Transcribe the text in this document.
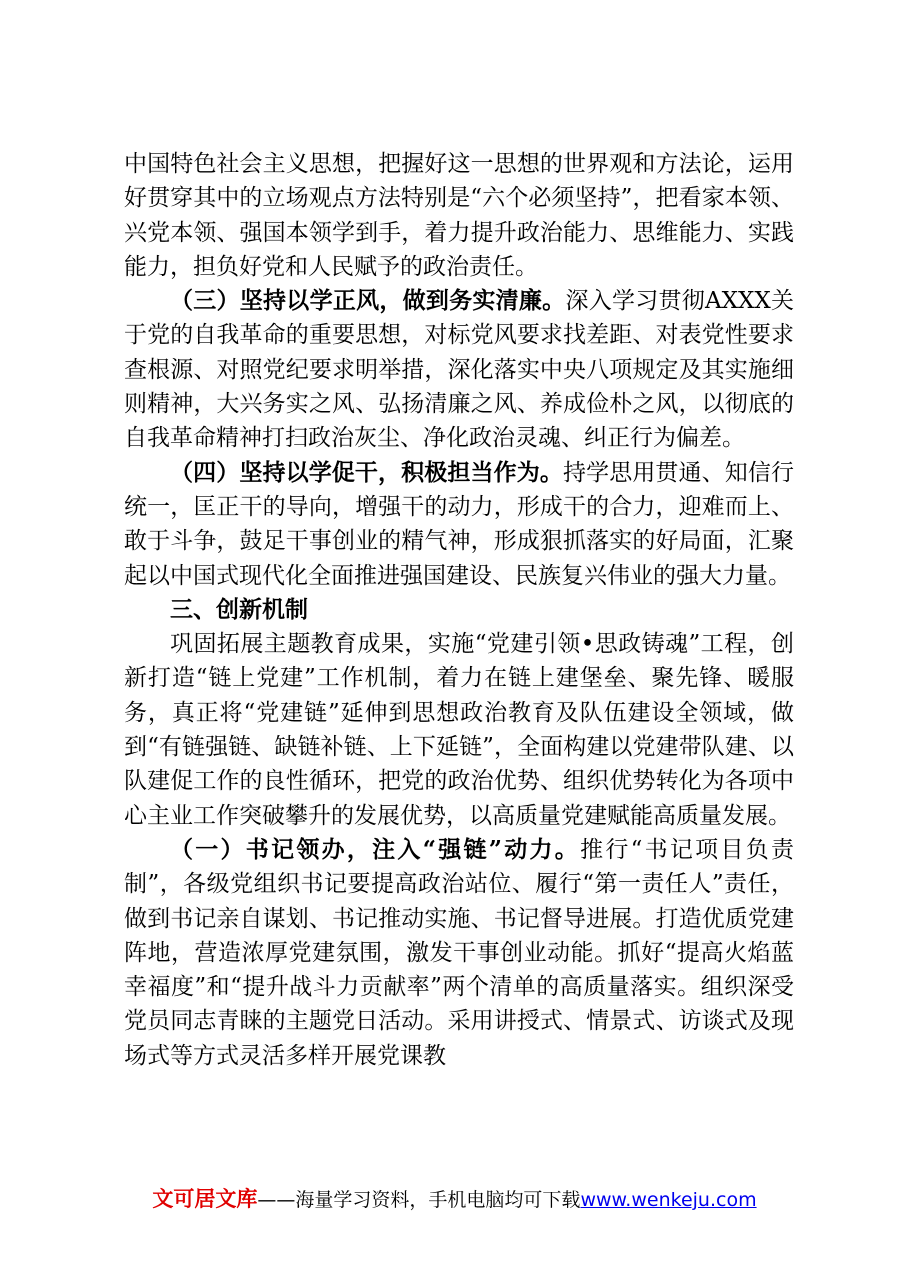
中国特色社会主义思想，把握好这一思想的世界观和方法论，运用好贯穿其中的立场观点方法特别是“六个必须坚持”，把看家本领、兴党本领、强国本领学到手，着力提升政治能力、思维能力、实践能力，担负好党和人民赋予的政治责任。

（三）坚持以学正风，做到务实清廉。深入学习贯彻AXXX关于党的自我革命的重要思想，对标党风要求找差距、对表党性要求查根源、对照党纪要求明举措，深化落实中央八项规定及其实施细则精神，大兴务实之风、弘扬清廉之风、养成俭朴之风，以彻底的自我革命精神打扫政治灰尘、净化政治灵魂、纠正行为偏差。

（四）坚持以学促干，积极担当作为。持学思用贯通、知信行统一，匡正干的导向，增强干的动力，形成干的合力，迎难而上、敢于斗争，鼓足干事创业的精气神，形成狠抓落实的好局面，汇聚起以中国式现代化全面推进强国建设、民族复兴伟业的强大力量。

三、创新机制

巩固拓展主题教育成果，实施“党建引领•思政铸魂”工程，创新打造“链上党建”工作机制，着力在链上建堡垒、聚先锋、暖服务，真正将“党建链”延伸到思想政治教育及队伍建设全领域，做到“有链强链、缺链补链、上下延链”，全面构建以党建带队建、以队建促工作的良性循环，把党的政治优势、组织优势转化为各项中心主业工作突破攀升的发展优势，以高质量党建赋能高质量发展。

（一）书记领办，注入“强链”动力。推行“书记项目负责制”，各级党组织书记要提高政治站位、履行“第一责任人”责任，做到书记亲自谋划、书记推动实施、书记督导进展。打造优质党建阵地，营造浓厚党建氛围，激发干事创业动能。抓好“提高火焰蓝幸福度”和“提升战斗力贡献率”两个清单的高质量落实。组织深受党员同志青睐的主题党日活动。采用讲授式、情景式、访谈式及现场式等方式灵活多样开展党课教

文可居文库——海量学习资料，手机电脑均可下载www.wenkeju.com
